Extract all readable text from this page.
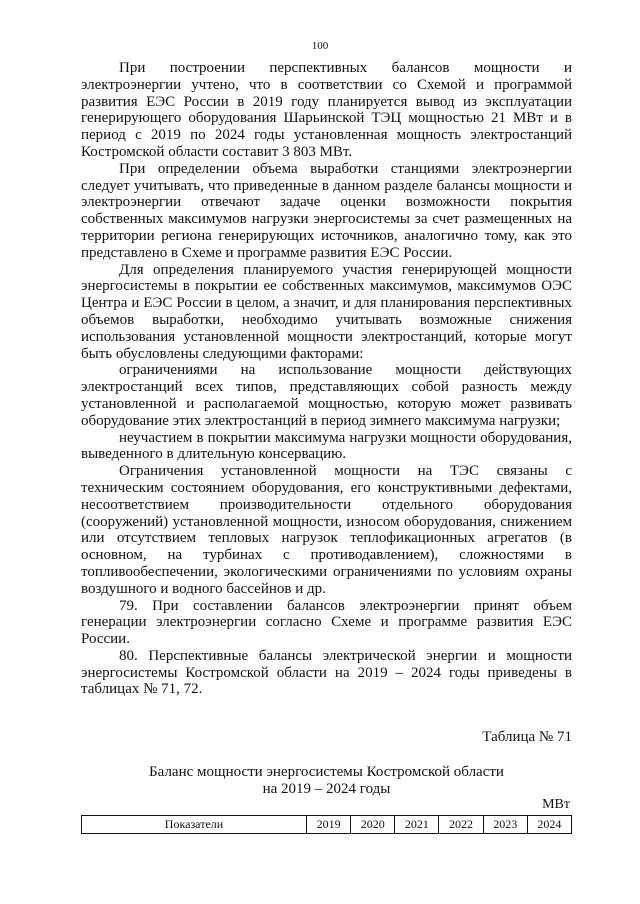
100

При построении перспективных балансов мощности и электроэнергии учтено, что в соответствии со Схемой и программой развития ЕЭС России в 2019 году планируется вывод из эксплуатации генерирующего оборудования Шарьинской ТЭЦ мощностью 21 МВт и в период с 2019 по 2024 годы установленная мощность электростанций Костромской области составит 3 803 МВт.

При определении объема выработки станциями электроэнергии следует учитывать, что приведенные в данном разделе балансы мощности и электроэнергии отвечают задаче оценки возможности покрытия собственных максимумов нагрузки энергосистемы за счет размещенных на территории региона генерирующих источников, аналогично тому, как это представлено в Схеме и программе развития ЕЭС России.

Для определения планируемого участия генерирующей мощности энергосистемы в покрытии ее собственных максимумов, максимумов ОЭС Центра и ЕЭС России в целом, а значит, и для планирования перспективных объемов выработки, необходимо учитывать возможные снижения использования установленной мощности электростанций, которые могут быть обусловлены следующими факторами:

ограничениями на использование мощности действующих электростанций всех типов, представляющих собой разность между установленной и располагаемой мощностью, которую может развивать оборудование этих электростанций в период зимнего максимума нагрузки;

неучастием в покрытии максимума нагрузки мощности оборудования, выведенного в длительную консервацию.

Ограничения установленной мощности на ТЭС связаны с техническим состоянием оборудования, его конструктивными дефектами, несоответствием производительности отдельного оборудования (сооружений) установленной мощности, износом оборудования, снижением или отсутствием тепловых нагрузок теплофикационных агрегатов (в основном, на турбинах с противодавлением), сложностями в топливообеспечении, экологическими ограничениями по условиям охраны воздушного и водного бассейнов и др.

79. При составлении балансов электроэнергии принят объем генерации электроэнергии согласно Схеме и программе развития ЕЭС России.

80. Перспективные балансы электрической энергии и мощности энергосистемы Костромской области на 2019 – 2024 годы приведены в таблицах № 71, 72.

Таблица № 71
Баланс мощности энергосистемы Костромской области
на 2019 – 2024 годы
МВт
Показатели	2019	2020	2021	2022	2023	2024
